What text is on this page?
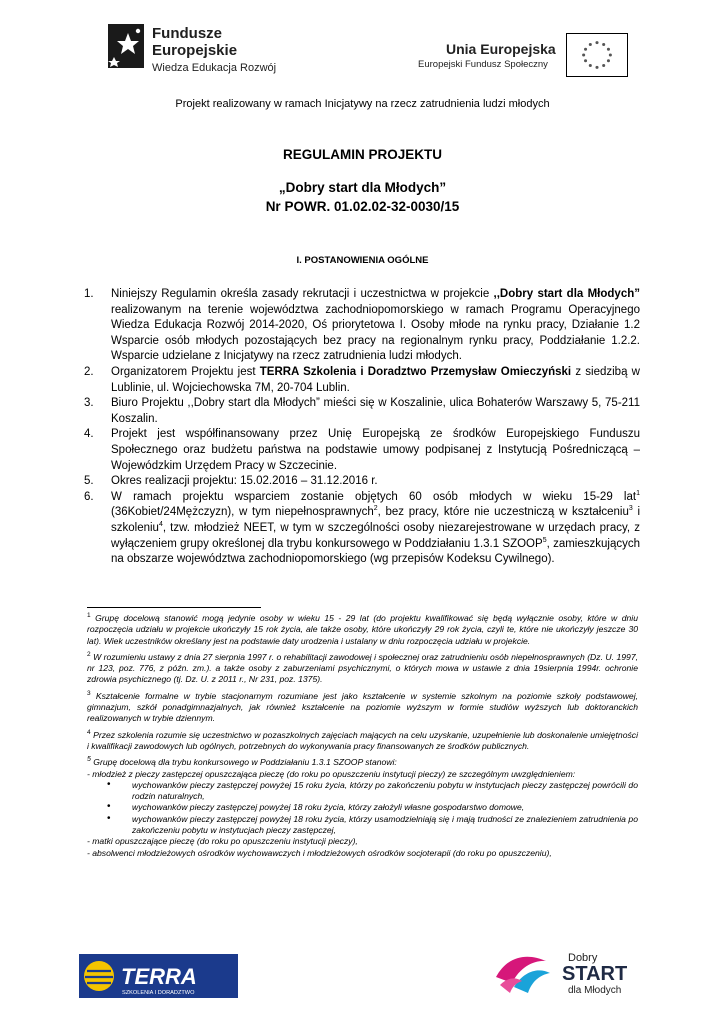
Fundusze
Europejskie
Wiedza Edukacja Rozwój
Unia Europejska
Europejski Fundusz Społeczny
Projekt realizowany w ramach Inicjatywy na rzecz zatrudnienia ludzi młodych
REGULAMIN PROJEKTU
„Dobry start dla Młodych”
Nr POWR. 01.02.02-32-0030/15
I. POSTANOWIENIA OGÓLNE
1. Niniejszy Regulamin określa zasady rekrutacji i uczestnictwa w projekcie ,,Dobry start dla Młodych” realizowanym na terenie województwa zachodniopomorskiego w ramach Programu Operacyjnego Wiedza Edukacja Rozwój 2014-2020, Oś priorytetowa I. Osoby młode na rynku pracy, Działanie 1.2 Wsparcie osób młodych pozostających bez pracy na regionalnym rynku pracy, Poddziałanie 1.2.2. Wsparcie udzielane z Inicjatywy na rzecz zatrudnienia ludzi młodych.
2. Organizatorem Projektu jest TERRA Szkolenia i Doradztwo Przemysław Omieczyński z siedzibą w Lublinie, ul. Wojciechowska 7M, 20-704 Lublin.
3. Biuro Projektu ,,Dobry start dla Młodych” mieści się w Koszalinie, ulica Bohaterów Warszawy 5, 75-211 Koszalin.
4. Projekt jest współfinansowany przez Unię Europejską ze środków Europejskiego Funduszu Społecznego oraz budżetu państwa na podstawie umowy podpisanej z Instytucją Pośredniczącą – Wojewódzkim Urzędem Pracy w Szczecinie.
5. Okres realizacji projektu: 15.02.2016 – 31.12.2016 r.
6. W ramach projektu wsparciem zostanie objętych 60 osób młodych w wieku 15-29 lat$^1$ (36Kobiet/24Mężczyzn), w tym niepełnosprawnych$^2$, bez pracy, które nie uczestniczą w kształceniu$^3$ i szkoleniu$^4$, tzw. młodzież NEET, w tym w szczególności osoby niezarejestrowane w urzędach pracy, z wyłączeniem grupy określonej dla trybu konkursowego w Poddziałaniu 1.3.1 SZOOP$^5$, zamieszkujących na obszarze województwa zachodniopomorskiego (wg przepisów Kodeksu Cywilnego).
$^1$ Grupę docelową stanowić mogą jedynie osoby w wieku 15 - 29 lat (do projektu kwalifikować się będą wyłącznie osoby, które w dniu rozpoczęcia udziału w projekcie ukończyły 15 rok życia, ale także osoby, które ukończyły 29 rok życia, czyli te, które nie ukończyły jeszcze 30 lat). Wiek uczestników określany jest na podstawie daty urodzenia i ustalany w dniu rozpoczęcia udziału w projekcie.
$^2$ W rozumieniu ustawy z dnia 27 sierpnia 1997 r. o rehabilitacji zawodowej i społecznej oraz zatrudnieniu osób niepełnosprawnych (Dz. U. 1997, nr 123, poz. 776, z późn. zm.). a także osoby z zaburzeniami psychicznymi, o których mowa w ustawie z dnia 19sierpnia 1994r. ochronie zdrowia psychicznego (tj. Dz. U. z 2011 r., Nr 231, poz. 1375).
$^3$ Kształcenie formalne w trybie stacjonarnym rozumiane jest jako kształcenie w systemie szkolnym na poziomie szkoły podstawowej, gimnazjum, szkół ponadgimnazjalnych, jak również kształcenie na poziomie wyższym w formie studiów wyższych lub doktoranckich realizowanych w trybie dziennym.
$^4$ Przez szkolenia rozumie się uczestnictwo w pozaszkolnych zajęciach mających na celu uzyskanie, uzupełnienie lub doskonalenie umiejętności i kwalifikacji zawodowych lub ogólnych, potrzebnych do wykonywania pracy finansowanych ze środków publicznych.
$^5$ Grupę docelową dla trybu konkursowego w Poddziałaniu 1.3.1 SZOOP stanowi:
- młodzież z pieczy zastępczej opuszczająca pieczę (do roku po opuszczeniu instytucji pieczy) ze szczególnym uwzględnieniem:
• wychowanków pieczy zastępczej powyżej 15 roku życia, którzy po zakończeniu pobytu w instytucjach pieczy zastępczej powrócili do rodzin naturalnych,
• wychowanków pieczy zastępczej powyżej 18 roku życia, którzy założyli własne gospodarstwo domowe,
• wychowanków pieczy zastępczej powyżej 18 roku życia, którzy usamodzielniają się i mają trudności ze znalezieniem zatrudnienia po zakończeniu pobytu w instytucjach pieczy zastępczej,
- matki opuszczające pieczę (do roku po opuszczeniu instytucji pieczy),
- absolwenci młodzieżowych ośrodków wychowawczych i młodzieżowych ośrodków socjoterapii (do roku po opuszczeniu),
TERRA
SZKOLENIA I DORADZTWO
Dobry
START
dla Młodych
